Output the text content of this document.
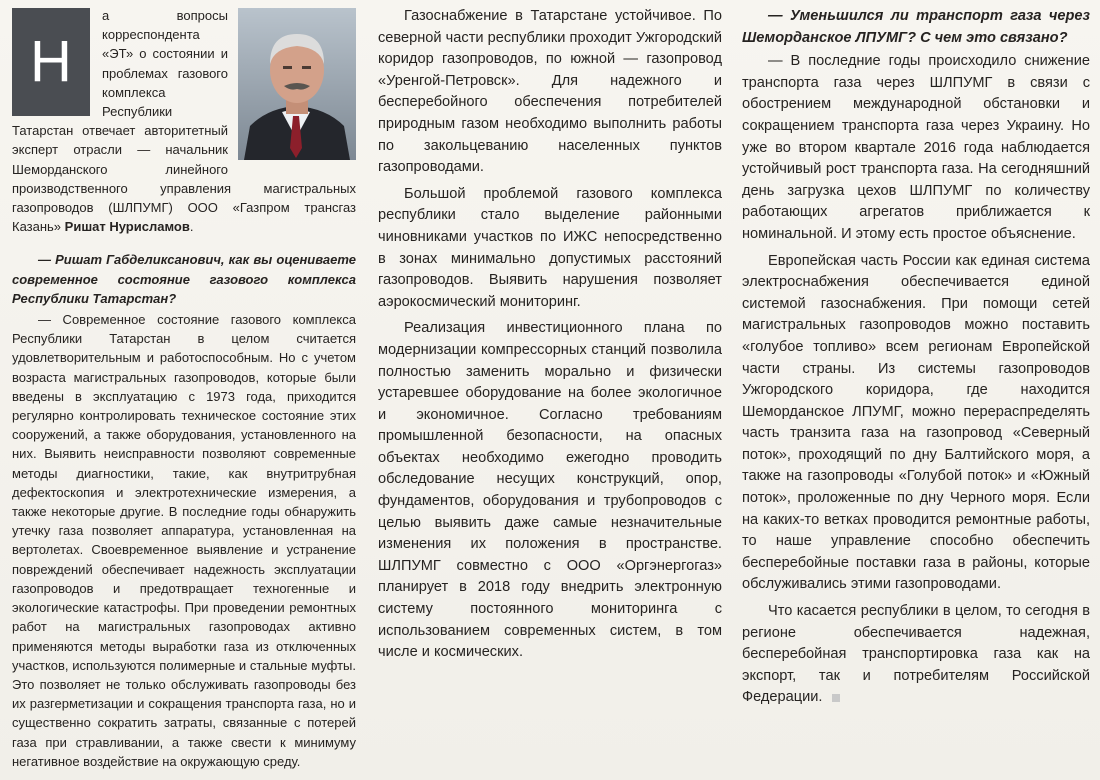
Н

а вопросы корреспондента «ЭТ» о состоянии и проблемах газового комплекса Республики Татарстан отвечает авторитетный эксперт отрасли — начальник Шеморданского линейного производственного управления магистральных газопроводов (ШЛПУМГ) ООО «Газпром трансгаз Казань» Ришат Нурисламов.

— Ришат Габделиксанович, как вы оцениваете современное состояние газового комплекса Республики Татарстан?

— Современное состояние газового комплекса Республики Татарстан в целом считается удовлетворительным и работоспособным. Но с учетом возраста магистральных газопроводов, которые были введены в эксплуатацию с 1973 года, приходится регулярно контролировать техническое состояние этих сооружений, а также оборудования, установленного на них. Выявить неисправности позволяют современные методы диагностики, такие, как внутритрубная дефектоскопия и электротехнические измерения, а также некоторые другие. В последние годы обнаружить утечку газа позволяет аппаратура, установленная на вертолетах. Своевременное выявление и устранение повреждений обеспечивает надежность эксплуатации газопроводов и предотвращает техногенные и экологические катастрофы. При проведении ремонтных работ на магистральных газопроводах активно применяются методы выработки газа из отключенных участков, используются полимерные и стальные муфты. Это позволяет не только обслуживать газопроводы без их разгерметизации и сокращения транспорта газа, но и существенно сократить затраты, связанные с потерей газа при стравливании, а также свести к минимуму негативное воздействие на окружающую среду.

Газоснабжение в Татарстане устойчивое. По северной части республики проходит Ужгородский коридор газопроводов, по южной — газопровод «Уренгой-Петровск». Для надежного и бесперебойного обеспечения потребителей природным газом необходимо выполнить работы по закольцеванию населенных пунктов газопроводами.

Большой проблемой газового комплекса республики стало выделение районными чиновниками участков по ИЖС непосредственно в зонах минимально допустимых расстояний газопроводов. Выявить нарушения позволяет аэрокосмический мониторинг.

Реализация инвестиционного плана по модернизации компрессорных станций позволила полностью заменить морально и физически устаревшее оборудование на более экологичное и экономичное. Согласно требованиям промышленной безопасности, на опасных объектах необходимо ежегодно проводить обследование несущих конструкций, опор, фундаментов, оборудования и трубопроводов с целью выявить даже самые незначительные изменения их положения в пространстве. ШЛПУМГ совместно с ООО «Оргэнергогаз» планирует в 2018 году внедрить электронную систему постоянного мониторинга с использованием современных систем, в том числе и космических.

— Уменьшился ли транспорт газа через Шеморданское ЛПУМГ? С чем это связано?

— В последние годы происходило снижение транспорта газа через ШЛПУМГ в связи с обострением международной обстановки и сокращением транспорта газа через Украину. Но уже во втором квартале 2016 года наблюдается устойчивый рост транспорта газа. На сегодняшний день загрузка цехов ШЛПУМГ по количеству работающих агрегатов приближается к номинальной. И этому есть простое объяснение.

Европейская часть России как единая система электроснабжения обеспечивается единой системой газоснабжения. При помощи сетей магистральных газопроводов можно поставить «голубое топливо» всем регионам Европейской части страны. Из системы газопроводов Ужгородского коридора, где находится Шеморданское ЛПУМГ, можно перераспределять часть транзита газа на газопровод «Северный поток», проходящий по дну Балтийского моря, а также на газопроводы «Голубой поток» и «Южный поток», проложенные по дну Черного моря. Если на каких-то ветках проводится ремонтные работы, то наше управление способно обеспечить бесперебойные поставки газа в районы, которые обслуживались этими газопроводами.

Что касается республики в целом, то сегодня в регионе обеспечивается надежная, бесперебойная транспортировка газа как на экспорт, так и потребителям Российской Федерации.
